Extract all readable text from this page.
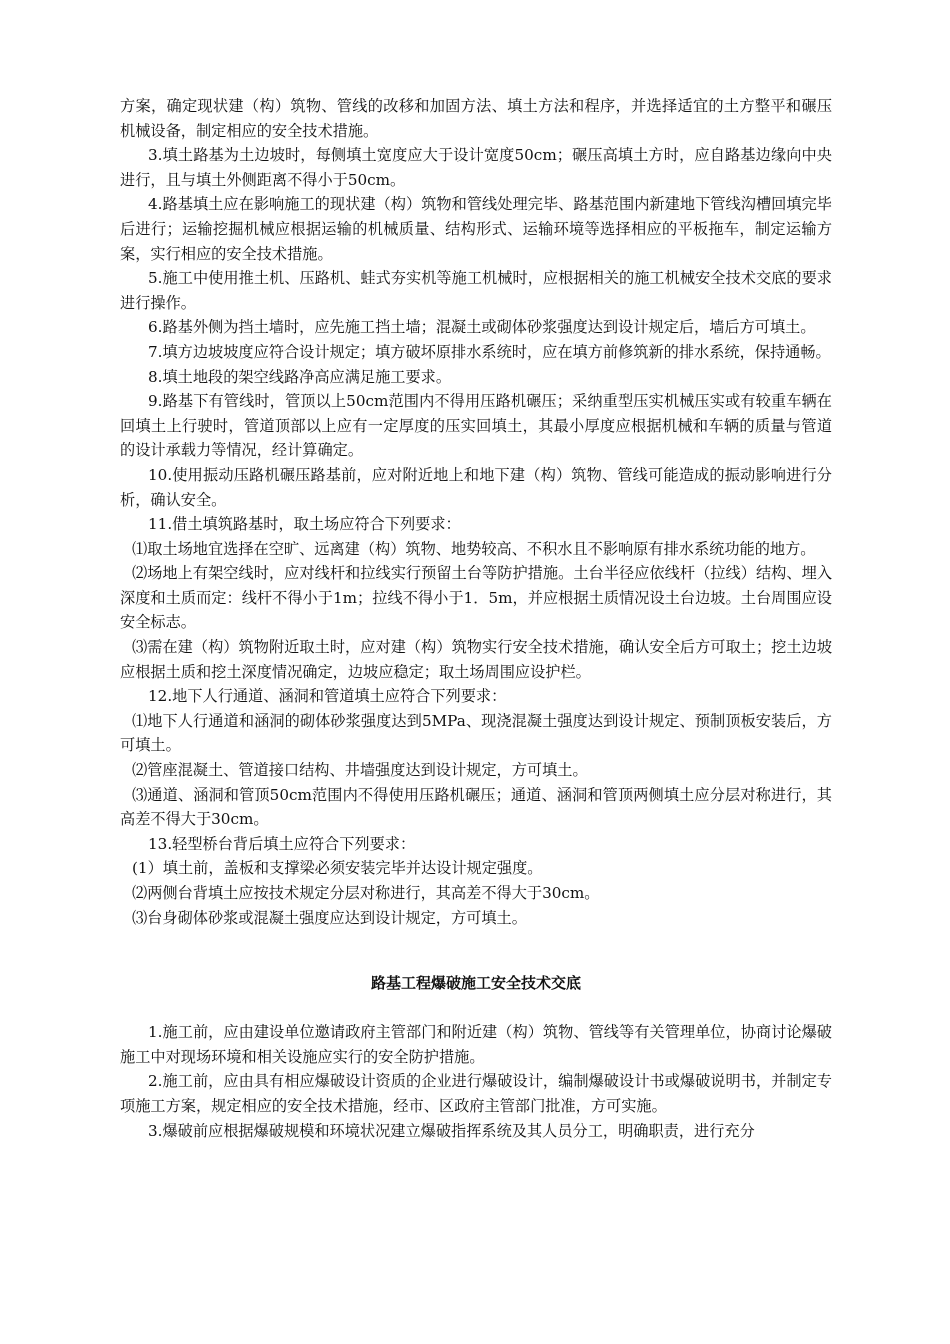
方案，确定现状建（构）筑物、管线的改移和加固方法、填土方法和程序，并选择适宜的土方整平和碾压机械设备，制定相应的安全技术措施。

3.填土路基为土边坡时，每侧填土宽度应大于设计宽度50cm；碾压高填土方时，应自路基边缘向中央进行，且与填土外侧距离不得小于50cm。

4.路基填土应在影响施工的现状建（构）筑物和管线处理完毕、路基范围内新建地下管线沟槽回填完毕后进行；运输挖掘机械应根据运输的机械质量、结构形式、运输环境等选择相应的平板拖车，制定运输方案，实行相应的安全技术措施。

5.施工中使用推土机、压路机、蛙式夯实机等施工机械时，应根据相关的施工机械安全技术交底的要求进行操作。

6.路基外侧为挡土墙时，应先施工挡土墙；混凝土或砌体砂浆强度达到设计规定后，墙后方可填土。

7.填方边坡坡度应符合设计规定；填方破坏原排水系统时，应在填方前修筑新的排水系统，保持通畅。

8.填土地段的架空线路净高应满足施工要求。

9.路基下有管线时，管顶以上50cm范围内不得用压路机碾压；采纳重型压实机械压实或有较重车辆在回填土上行驶时，管道顶部以上应有一定厚度的压实回填土，其最小厚度应根据机械和车辆的质量与管道的设计承载力等情况，经计算确定。

10.使用振动压路机碾压路基前，应对附近地上和地下建（构）筑物、管线可能造成的振动影响进行分析，确认安全。

11.借土填筑路基时，取土场应符合下列要求：

⑴取土场地宜选择在空旷、远离建（构）筑物、地势较高、不积水且不影响原有排水系统功能的地方。

⑵场地上有架空线时，应对线杆和拉线实行预留土台等防护措施。土台半径应依线杆（拉线）结构、埋入深度和土质而定：线杆不得小于1m；拉线不得小于1．5m，并应根据土质情况设土台边坡。土台周围应设安全标志。

⑶需在建（构）筑物附近取土时，应对建（构）筑物实行安全技术措施，确认安全后方可取土；挖土边坡应根据土质和挖土深度情况确定，边坡应稳定；取土场周围应设护栏。

12.地下人行通道、涵洞和管道填土应符合下列要求：

⑴地下人行通道和涵洞的砌体砂浆强度达到5MPa、现浇混凝土强度达到设计规定、预制顶板安装后，方可填土。

⑵管座混凝土、管道接口结构、井墙强度达到设计规定，方可填土。

⑶通道、涵洞和管顶50cm范围内不得使用压路机碾压；通道、涵洞和管顶两侧填土应分层对称进行，其高差不得大于30cm。

13.轻型桥台背后填土应符合下列要求：

(1）填土前，盖板和支撑梁必须安装完毕并达设计规定强度。

⑵两侧台背填土应按技术规定分层对称进行，其高差不得大于30cm。

⑶台身砌体砂浆或混凝土强度应达到设计规定，方可填土。

路基工程爆破施工安全技术交底

1.施工前，应由建设单位邀请政府主管部门和附近建（构）筑物、管线等有关管理单位，协商讨论爆破施工中对现场环境和相关设施应实行的安全防护措施。

2.施工前，应由具有相应爆破设计资质的企业进行爆破设计，编制爆破设计书或爆破说明书，并制定专项施工方案，规定相应的安全技术措施，经市、区政府主管部门批准，方可实施。

3.爆破前应根据爆破规模和环境状况建立爆破指挥系统及其人员分工，明确职责，进行充分
